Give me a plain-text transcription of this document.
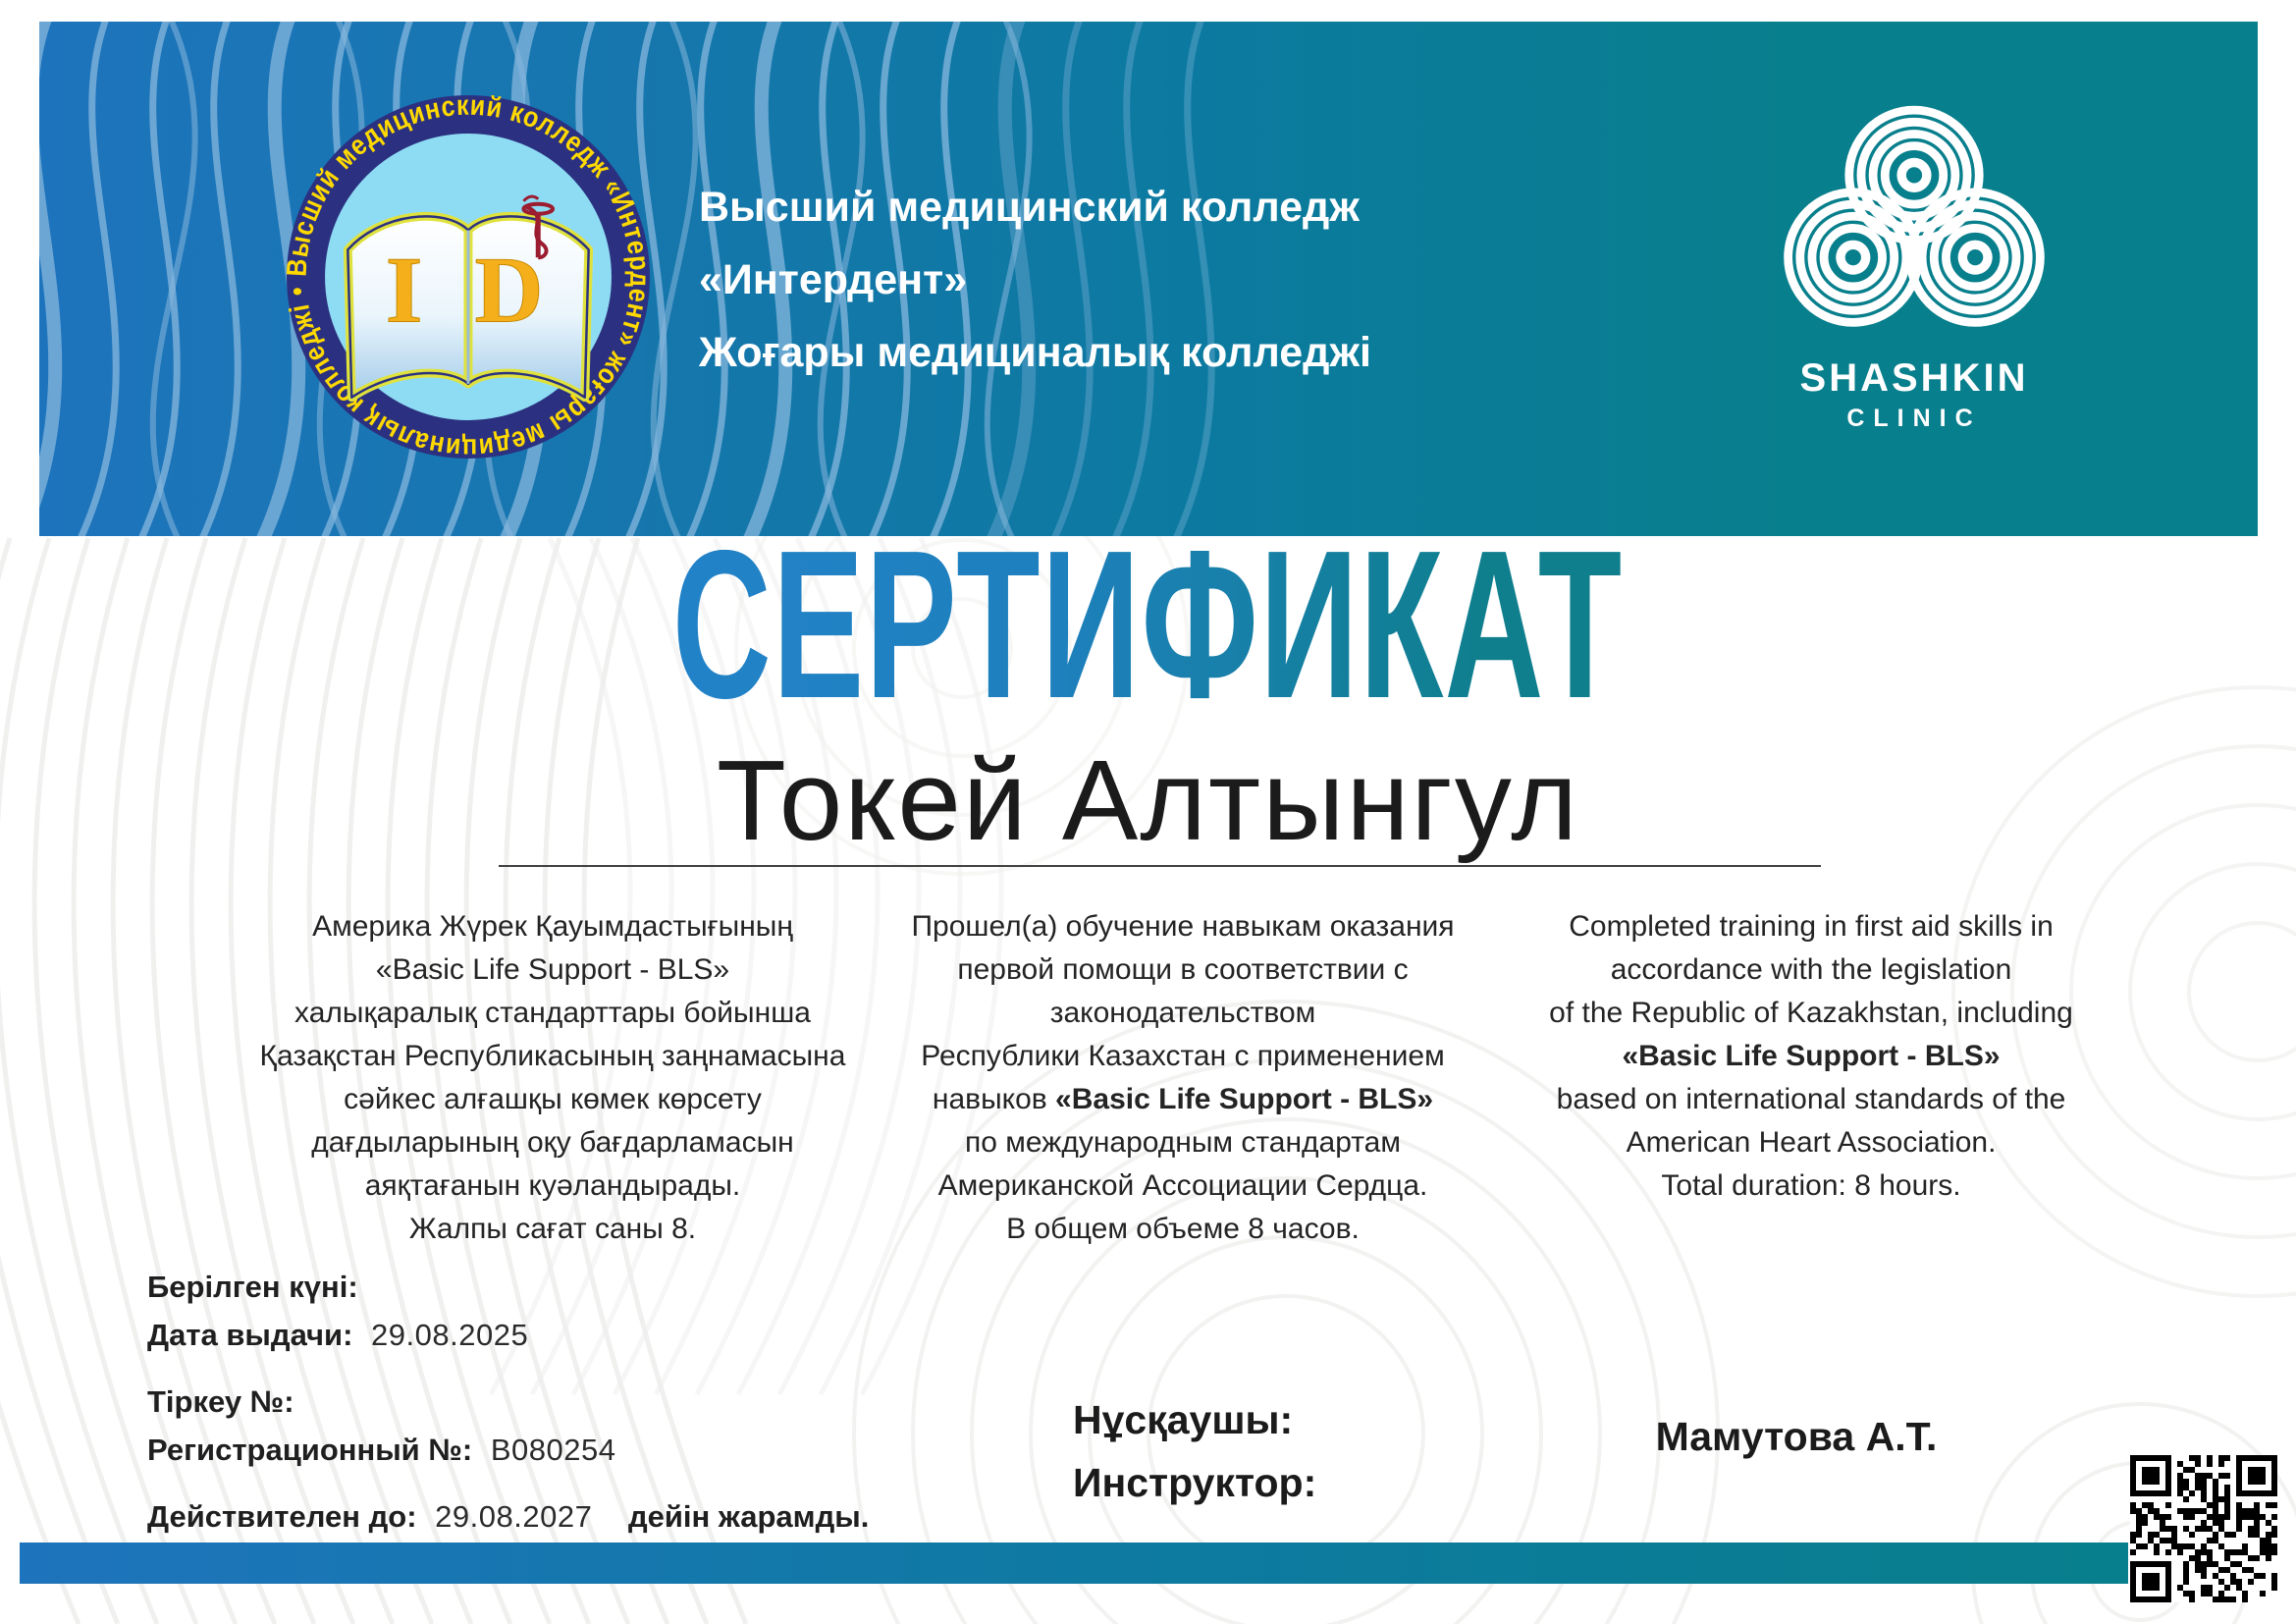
Высший медицинский колледж «Интердент» жоғ ры медициналық колледжі • I D
Высший медицинский колледж
«Интердент»
Жоғары медициналық колледжі
SHASHKIN
CLINIC
СЕРТИФИКАТ
Токей Алтынгул
Америка Жүрек Қауымдастығының
«Basic Life Support - BLS»
халықаралық стандарттары бойынша
Қазақстан Республикасының заңнамасына
сәйкес алғашқы көмек көрсету
дағдыларының оқу бағдарламасын
аяқтағанын куәландырады.
Жалпы сағат саны 8.
Прошел(а) обучение навыкам оказания
первой помощи в соответствии с
законодательством
Республики Казахстан с применением
навыков «Basic Life Support - BLS»
по международным стандартам
Американской Ассоциации Сердца.
В общем объеме 8 часов.
Completed training in first aid skills in
accordance with the legislation
of the Republic of Kazakhstan, including
«Basic Life Support - BLS»
based on international standards of the
American Heart Association.
Total duration: 8 hours.
Берілген күні:
Дата выдачи: 29.08.2025
Тіркеу №:
Регистрационный №: В080254
Действителен до: 29.08.2027 дейін жарамды.
Нұсқаушы:
Инструктор:
Мамутова А.Т.
